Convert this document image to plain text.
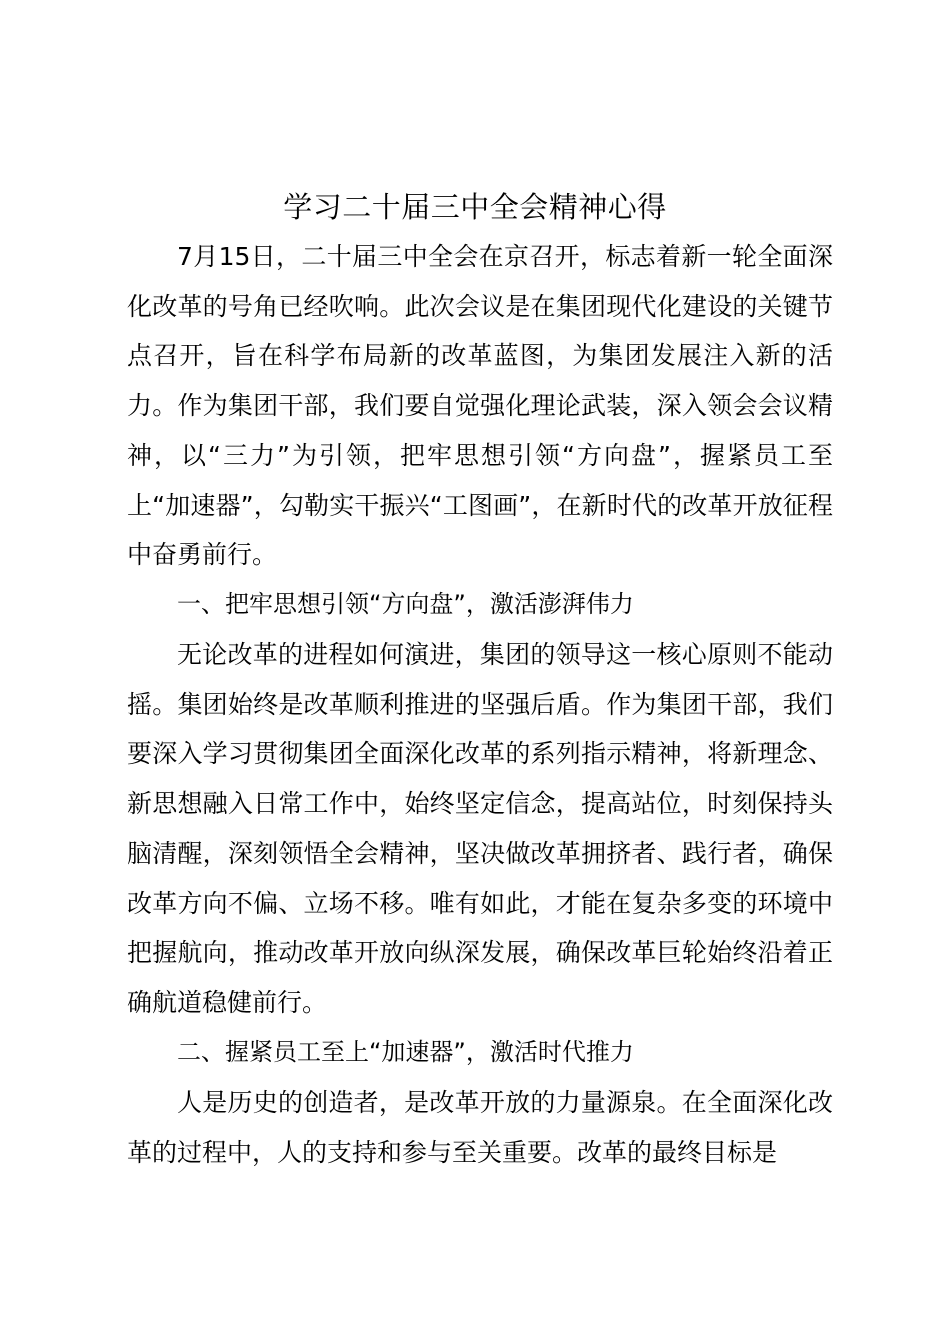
学习二十届三中全会精神心得

7月15日，二十届三中全会在京召开，标志着新一轮全面深化改革的号角已经吹响。此次会议是在集团现代化建设的关键节点召开，旨在科学布局新的改革蓝图，为集团发展注入新的活力。作为集团干部，我们要自觉强化理论武装，深入领会会议精神，以“三力”为引领，把牢思想引领“方向盘”，握紧员工至上“加速器”，勾勒实干振兴“工图画”，在新时代的改革开放征程中奋勇前行。

一、把牢思想引领“方向盘”，激活澎湃伟力

无论改革的进程如何演进，集团的领导这一核心原则不能动摇。集团始终是改革顺利推进的坚强后盾。作为集团干部，我们要深入学习贯彻集团全面深化改革的系列指示精神，将新理念、新思想融入日常工作中，始终坚定信念，提高站位，时刻保持头脑清醒，深刻领悟全会精神，坚决做改革拥挤者、践行者，确保改革方向不偏、立场不移。唯有如此，才能在复杂多变的环境中把握航向，推动改革开放向纵深发展，确保改革巨轮始终沿着正确航道稳健前行。

二、握紧员工至上“加速器”，激活时代推力

人是历史的创造者，是改革开放的力量源泉。在全面深化改革的过程中，人的支持和参与至关重要。改革的最终目标是
